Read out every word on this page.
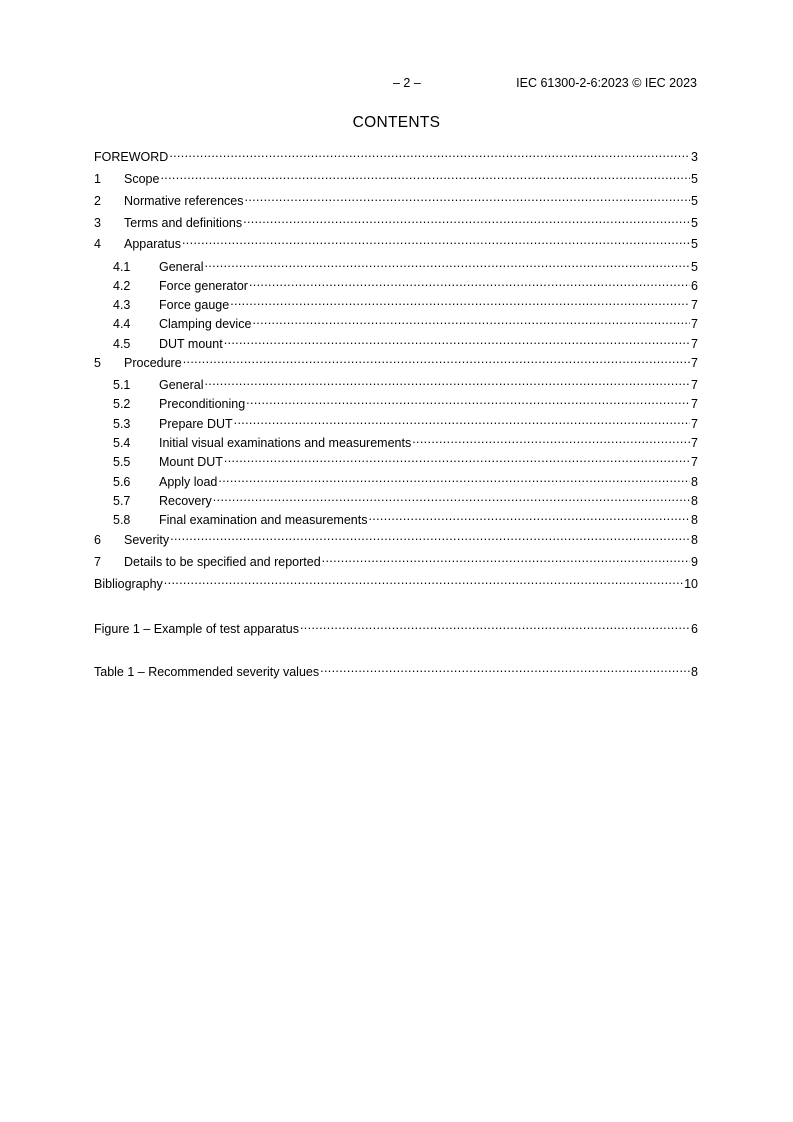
– 2 –	IEC 61300-2-6:2023 © IEC 2023
CONTENTS
FOREWORD .....	3
1	Scope .....	5
2	Normative references .....	5
3	Terms and definitions .....	5
4	Apparatus .....	5
4.1	General .....	5
4.2	Force generator .....	6
4.3	Force gauge .....	7
4.4	Clamping device .....	7
4.5	DUT mount .....	7
5	Procedure .....	7
5.1	General .....	7
5.2	Preconditioning .....	7
5.3	Prepare DUT .....	7
5.4	Initial visual examinations and measurements .....	7
5.5	Mount DUT .....	7
5.6	Apply load .....	8
5.7	Recovery .....	8
5.8	Final examination and measurements .....	8
6	Severity .....	8
7	Details to be specified and reported .....	9
Bibliography .....	10
Figure 1 – Example of test apparatus .....	6
Table 1 – Recommended severity values .....	8
